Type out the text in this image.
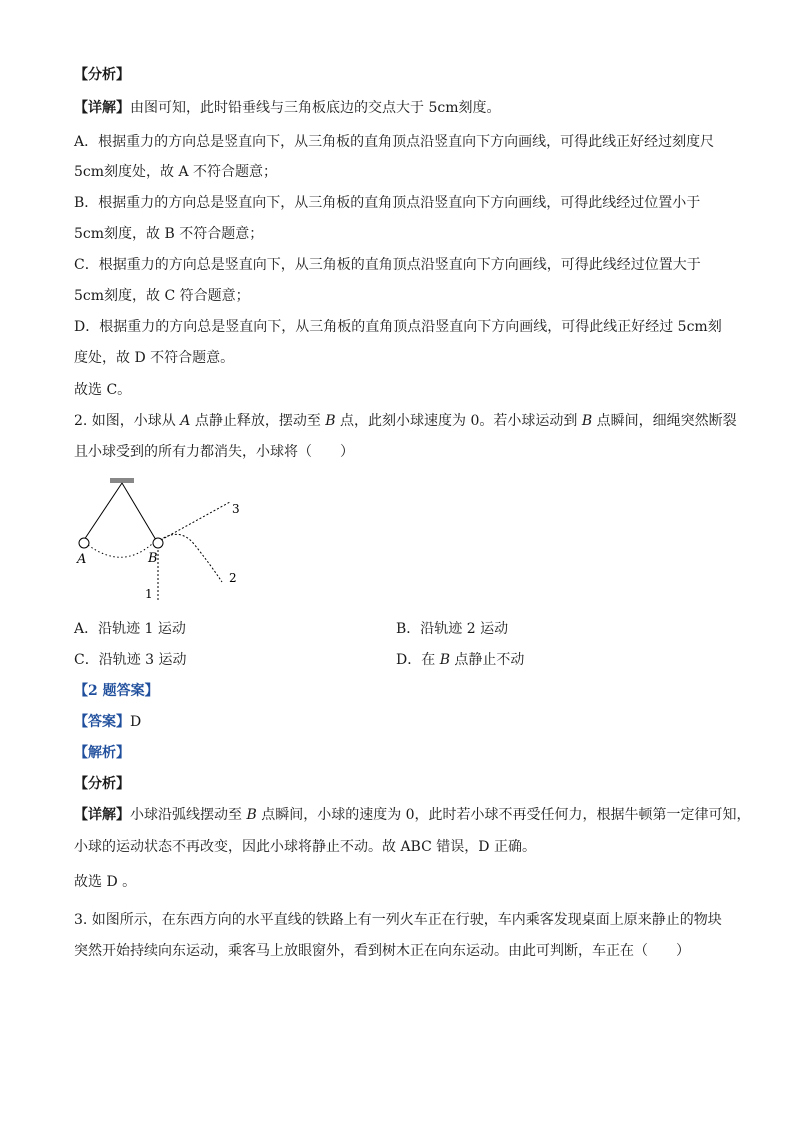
【分析】
【详解】由图可知，此时铅垂线与三角板底边的交点大于 5cm刻度。
A．根据重力的方向总是竖直向下，从三角板的直角顶点沿竖直向下方向画线，可得此线正好经过刻度尺
5cm刻度处，故 A 不符合题意；
B．根据重力的方向总是竖直向下，从三角板的直角顶点沿竖直向下方向画线，可得此线经过位置小于
5cm刻度，故 B 不符合题意；
C．根据重力的方向总是竖直向下，从三角板的直角顶点沿竖直向下方向画线，可得此线经过位置大于
5cm刻度，故 C 符合题意；
D．根据重力的方向总是竖直向下，从三角板的直角顶点沿竖直向下方向画线，可得此线正好经过 5cm刻
度处，故 D 不符合题意。
故选 C。
2. 如图，小球从 A 点静止释放，摆动至 B 点，此刻小球速度为 0。若小球运动到 B 点瞬间，细绳突然断裂
且小球受到的所有力都消失，小球将（　　）
A	B
1
2
3
A．沿轨迹 1 运动	B．沿轨迹 2 运动
C．沿轨迹 3 运动	D．在 B 点静止不动
【2 题答案】
【答案】D
【解析】
【分析】
【详解】小球沿弧线摆动至 B 点瞬间，小球的速度为 0，此时若小球不再受任何力，根据牛顿第一定律可知，
小球的运动状态不再改变，因此小球将静止不动。故 ABC 错误，D 正确。
故选 D 。
3. 如图所示，在东西方向的水平直线的铁路上有一列火车正在行驶，车内乘客发现桌面上原来静止的物块
突然开始持续向东运动，乘客马上放眼窗外，看到树木正在向东运动。由此可判断，车正在（　　）
